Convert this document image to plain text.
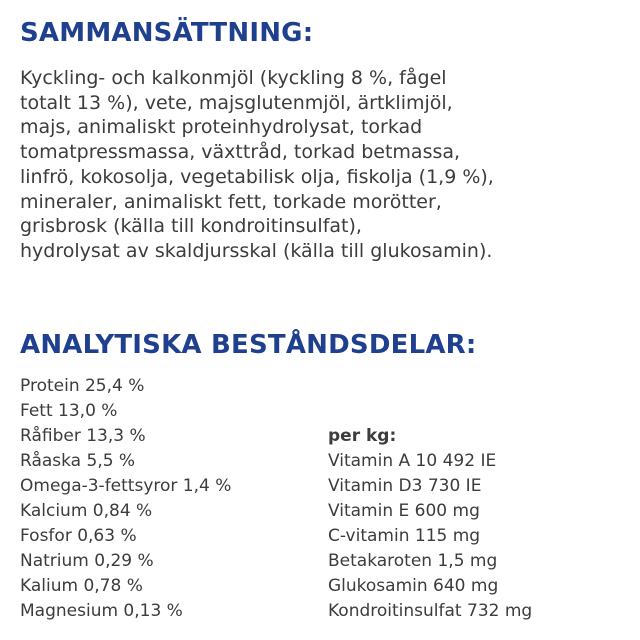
SAMMANSÄTTNING:
Kyckling- och kalkonmjöl (kyckling 8 %, fågel
totalt 13 %), vete, majsglutenmjöl, ärtklimjöl,
majs, animaliskt proteinhydrolysat, torkad
tomatpressmassa, växttråd, torkad betmassa,
linfrö, kokosolja, vegetabilisk olja, fiskolja (1,9 %),
mineraler, animaliskt fett, torkade morötter,
grisbrosk (källa till kondroitinsulfat),
hydrolysat av skaldjursskal (källa till glukosamin).
ANALYTISKA BESTÅNDSDELAR:
Protein 25,4 %
Fett 13,0 %
Råfiber 13,3 %
Råaska 5,5 %
Omega-3-fettsyror 1,4 %
Kalcium 0,84 %
Fosfor 0,63 %
Natrium 0,29 %
Kalium 0,78 %
Magnesium 0,13 %
per kg:
Vitamin A 10 492 IE
Vitamin D3 730 IE
Vitamin E 600 mg
C-vitamin 115 mg
Betakaroten 1,5 mg
Glukosamin 640 mg
Kondroitinsulfat 732 mg
